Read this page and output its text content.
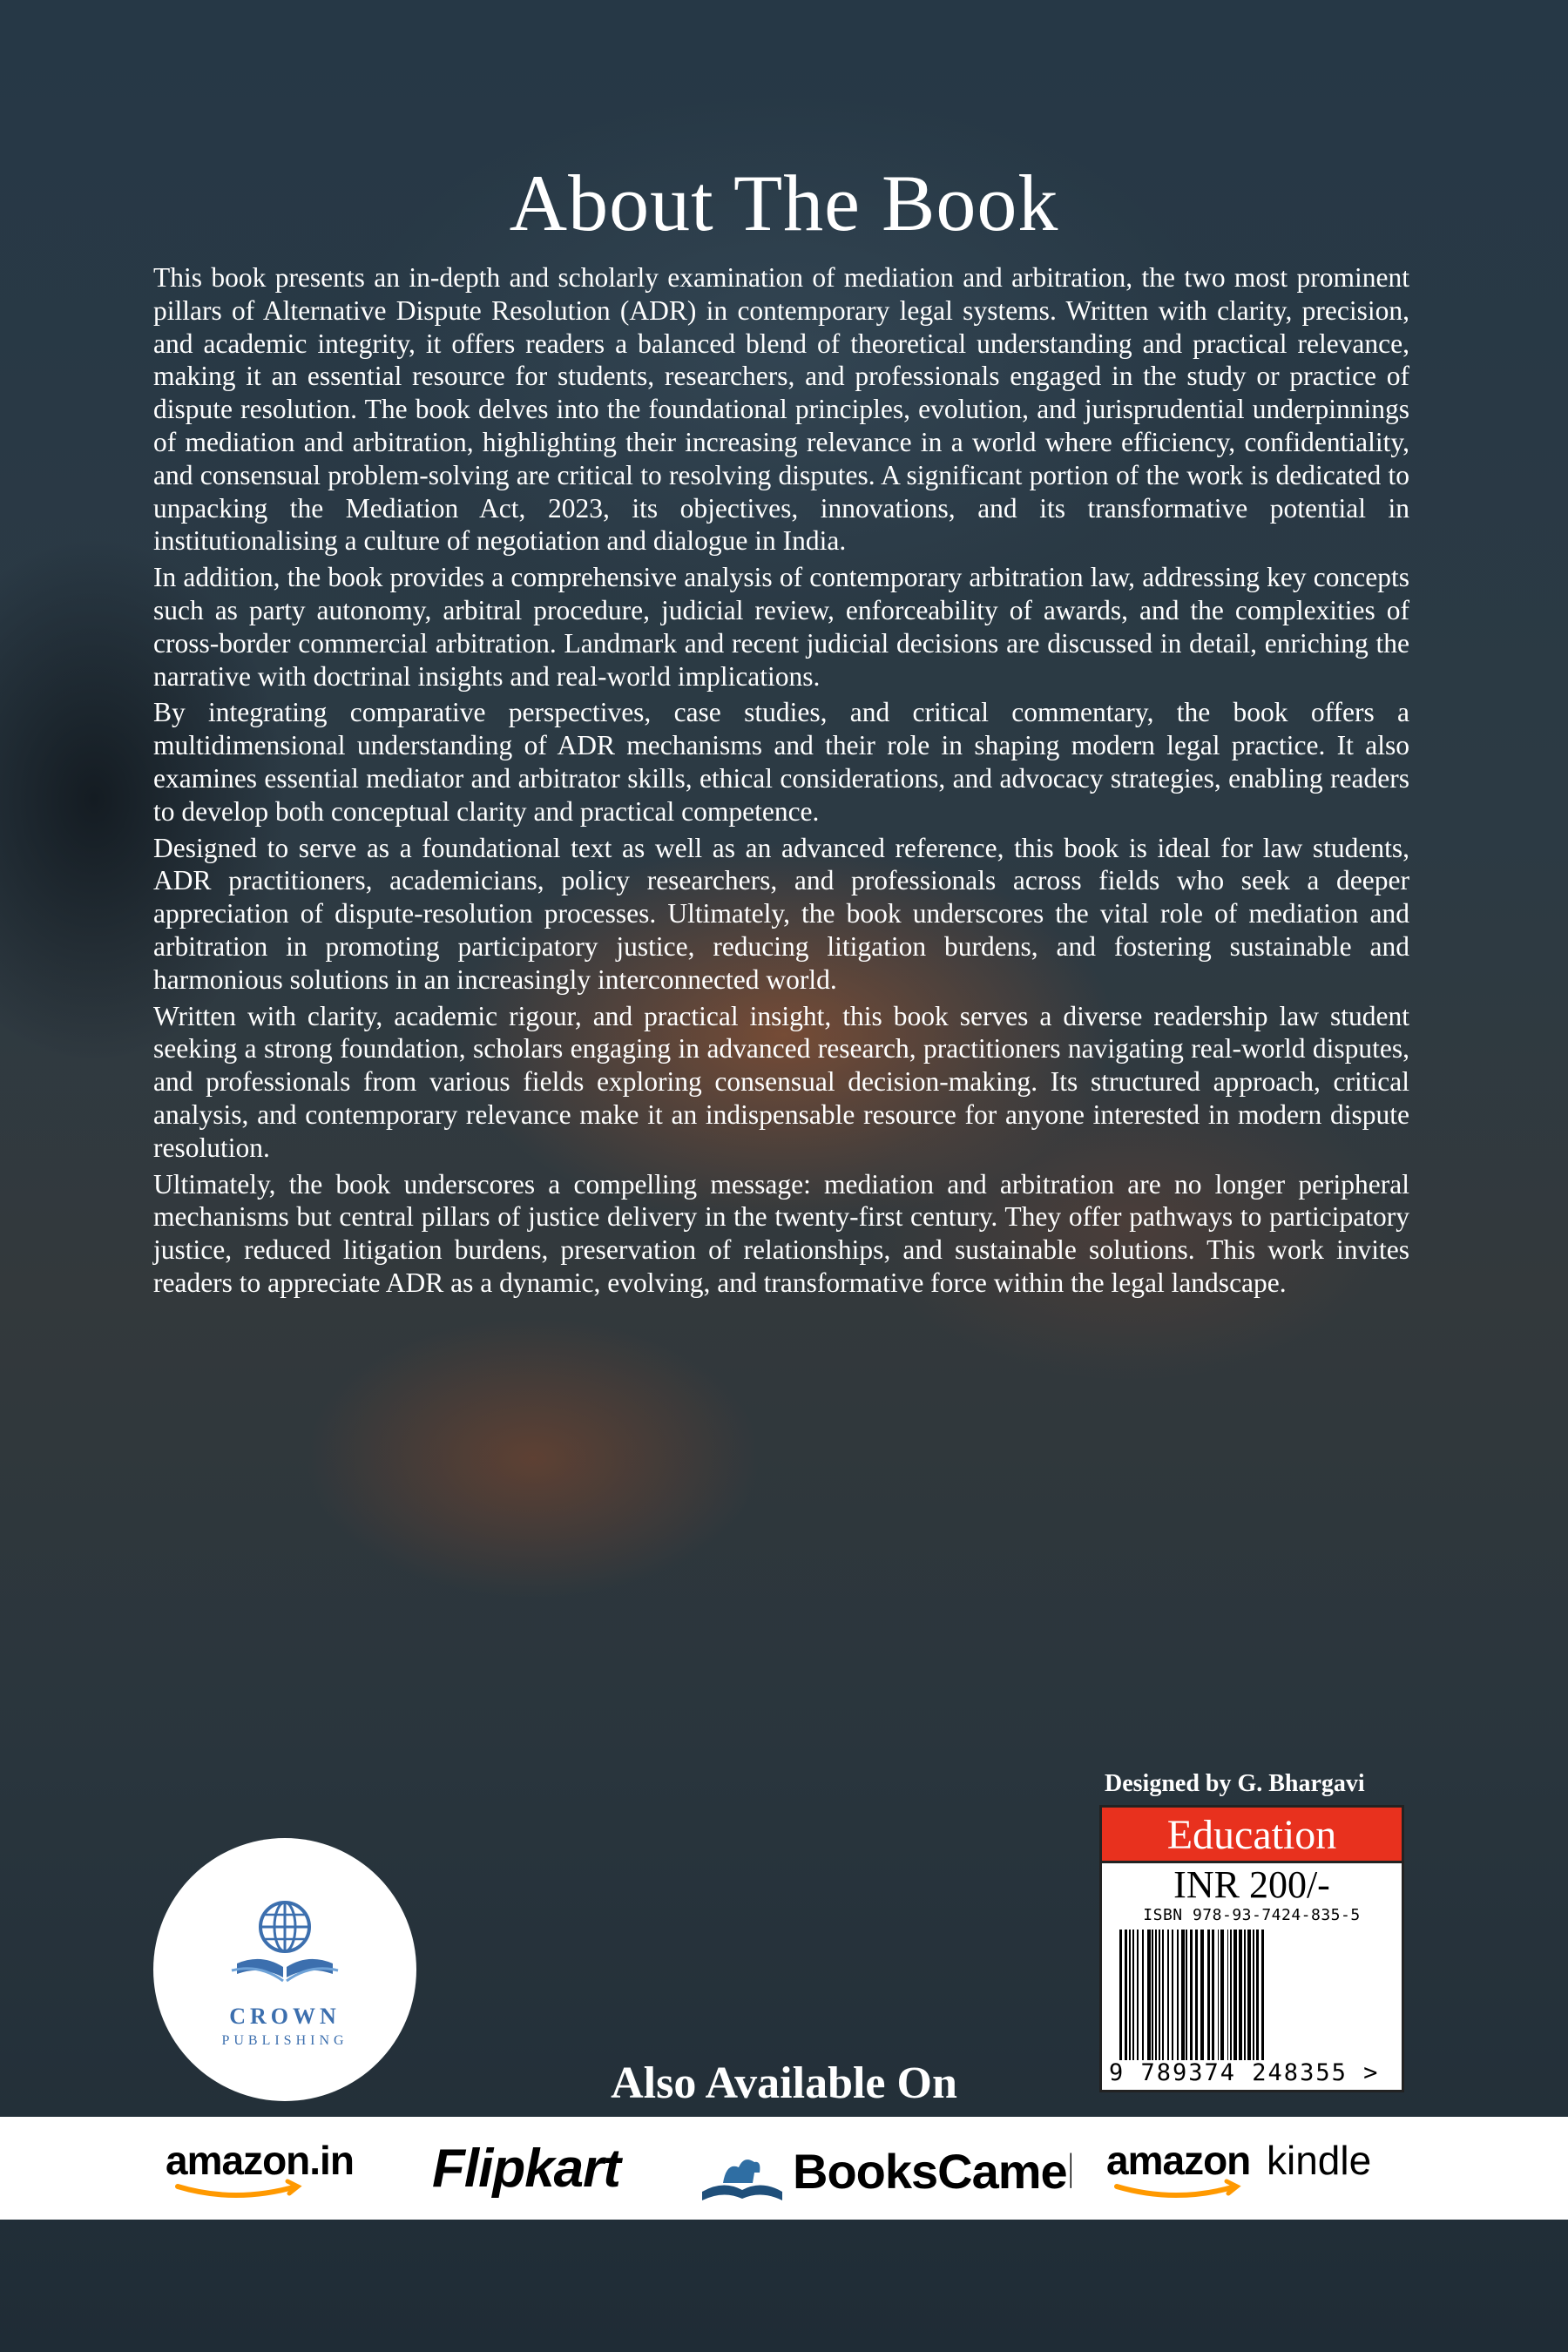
About The Book

This book presents an in-depth and scholarly examination of mediation and arbitration, the two most prominent pillars of Alternative Dispute Resolution (ADR) in contemporary legal systems. Written with clarity, precision, and academic integrity, it offers readers a balanced blend of theoretical understanding and practical relevance, making it an essential resource for students, researchers, and professionals engaged in the study or practice of dispute resolution. The book delves into the foundational principles, evolution, and jurisprudential underpinnings of mediation and arbitration, highlighting their increasing relevance in a world where efficiency, confidentiality, and consensual problem-solving are critical to resolving disputes. A significant portion of the work is dedicated to unpacking the Mediation Act, 2023, its objectives, innovations, and its transformative potential in institutionalising a culture of negotiation and dialogue in India.

In addition, the book provides a comprehensive analysis of contemporary arbitration law, addressing key concepts such as party autonomy, arbitral procedure, judicial review, enforceability of awards, and the complexities of cross-border commercial arbitration. Landmark and recent judicial decisions are discussed in detail, enriching the narrative with doctrinal insights and real-world implications.

By integrating comparative perspectives, case studies, and critical commentary, the book offers a multidimensional understanding of ADR mechanisms and their role in shaping modern legal practice. It also examines essential mediator and arbitrator skills, ethical considerations, and advocacy strategies, enabling readers to develop both conceptual clarity and practical competence.

Designed to serve as a foundational text as well as an advanced reference, this book is ideal for law students, ADR practitioners, academicians, policy researchers, and professionals across fields who seek a deeper appreciation of dispute-resolution processes. Ultimately, the book underscores the vital role of mediation and arbitration in promoting participatory justice, reducing litigation burdens, and fostering sustainable and harmonious solutions in an increasingly interconnected world.

Written with clarity, academic rigour, and practical insight, this book serves a diverse readership law student seeking a strong foundation, scholars engaging in advanced research, practitioners navigating real-world disputes, and professionals from various fields exploring consensual decision-making. Its structured approach, critical analysis, and contemporary relevance make it an indispensable resource for anyone interested in modern dispute resolution.

Ultimately, the book underscores a compelling message: mediation and arbitration are no longer peripheral mechanisms but central pillars of justice delivery in the twenty-first century. They offer pathways to participatory justice, reduced litigation burdens, preservation of relationships, and sustainable solutions. This work invites readers to appreciate ADR as a dynamic, evolving, and transformative force within the legal landscape.

Designed by G. Bhargavi
Education
INR 200/-
ISBN 978-93-7424-835-5
9 789374 248355 >
CROWN
PUBLISHING
Also Available On
amazon.in Flipkart	BooksCamel amazon kindle
